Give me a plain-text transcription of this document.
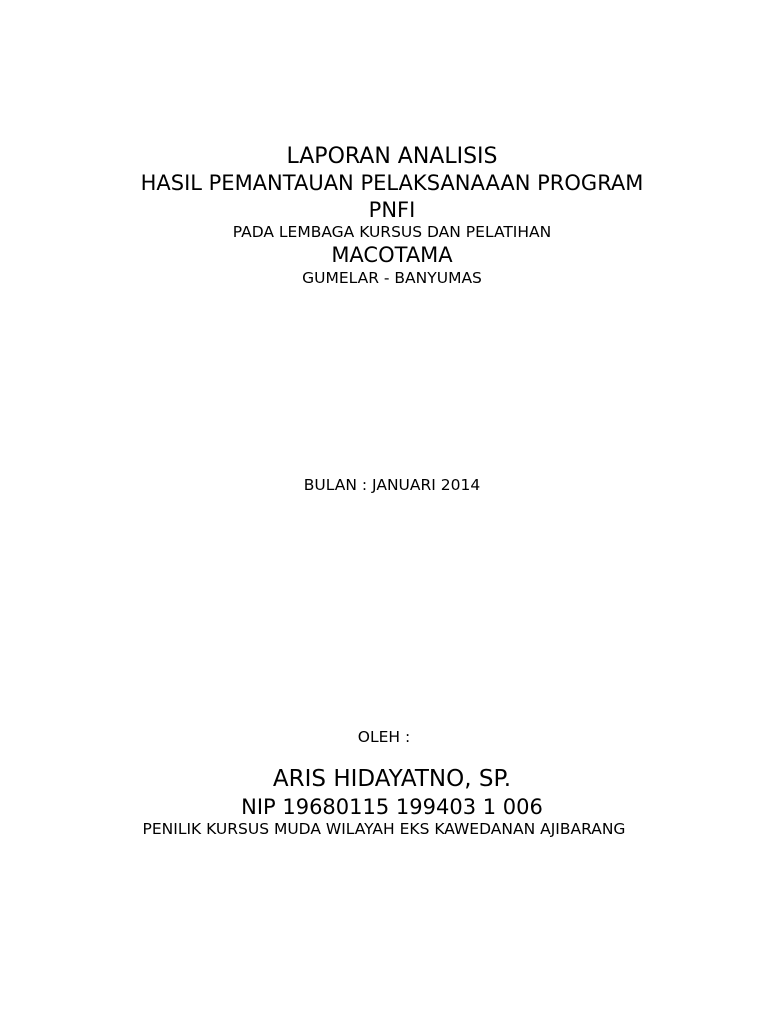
LAPORAN ANALISIS
HASIL PEMANTAUAN PELAKSANAAAN PROGRAM
PNFI
PADA LEMBAGA KURSUS DAN PELATIHAN
MACOTAMA
GUMELAR - BANYUMAS
BULAN : JANUARI 2014
OLEH :
ARIS HIDAYATNO, SP.
NIP 19680115 199403 1 006
PENILIK KURSUS MUDA WILAYAH EKS KAWEDANAN AJIBARANG
